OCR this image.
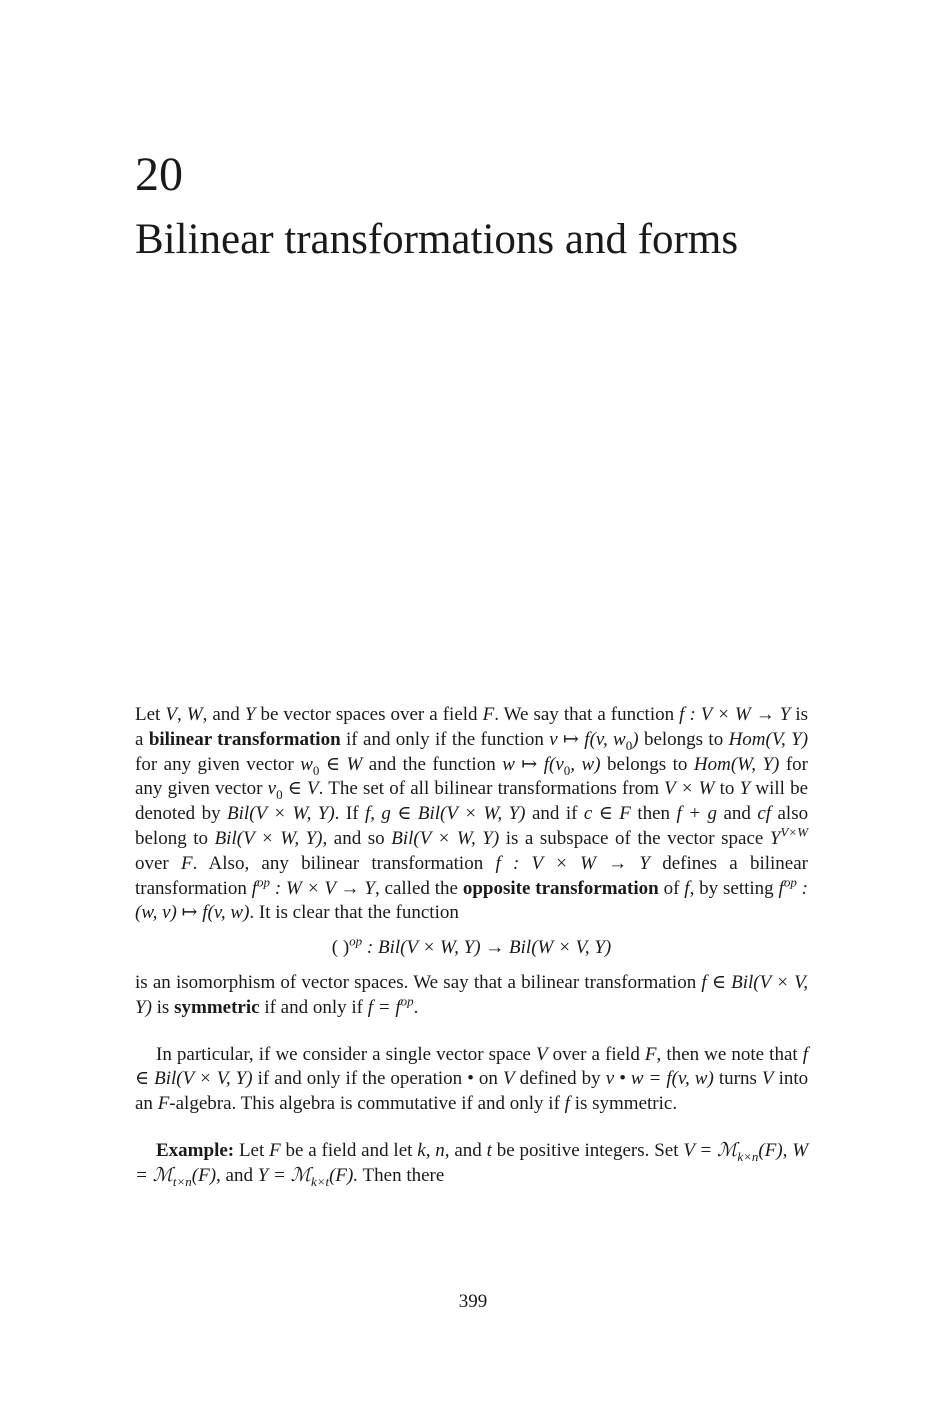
20
Bilinear transformations and forms

Let V, W, and Y be vector spaces over a field F. We say that a function f : V × W → Y is a bilinear transformation if and only if the function v ↦ f(v, $w_0$) belongs to Hom(V, Y) for any given vector $w_0$ ∈ W and the function w ↦ $f(v_0$, w) belongs to Hom(W, Y) for any given vector $v_0$ ∈ V. The set of all bilinear transformations from V × W to Y will be denoted by Bil(V × W, Y). If f, g ∈ Bil(V × W, Y) and if c ∈ F then f + g and cf also belong to Bil(V × W, Y), and so Bil(V × W, Y) is a subspace of the vector space $Y^{V\times W}$ over F. Also, any bilinear transformation f : V × W → Y defines a bilinear transformation $f^{op}$ : W × V → Y, called the opposite transformation of f, by setting $f^{op}$ : (w, v) ↦ f(v, w). It is clear that the function

( )$^{op}$ : Bil(V × W, Y) → Bil(W × V, Y)

is an isomorphism of vector spaces. We say that a bilinear transformation f ∈ Bil(V × V, Y) is symmetric if and only if $f = f^{op}$.

In particular, if we consider a single vector space V over a field F, then we note that f ∈ Bil(V × V, Y) if and only if the operation • on V defined by v • w = f(v, w) turns V into an F-algebra. This algebra is commutative if and only if f is symmetric.

Example: Let F be a field and let k, n, and t be positive integers. Set V = ℳ$_{k\times n}$(F), W = ℳ$_{t\times n}$(F), and Y = ℳ$_{k\times t}$(F). Then there

399
